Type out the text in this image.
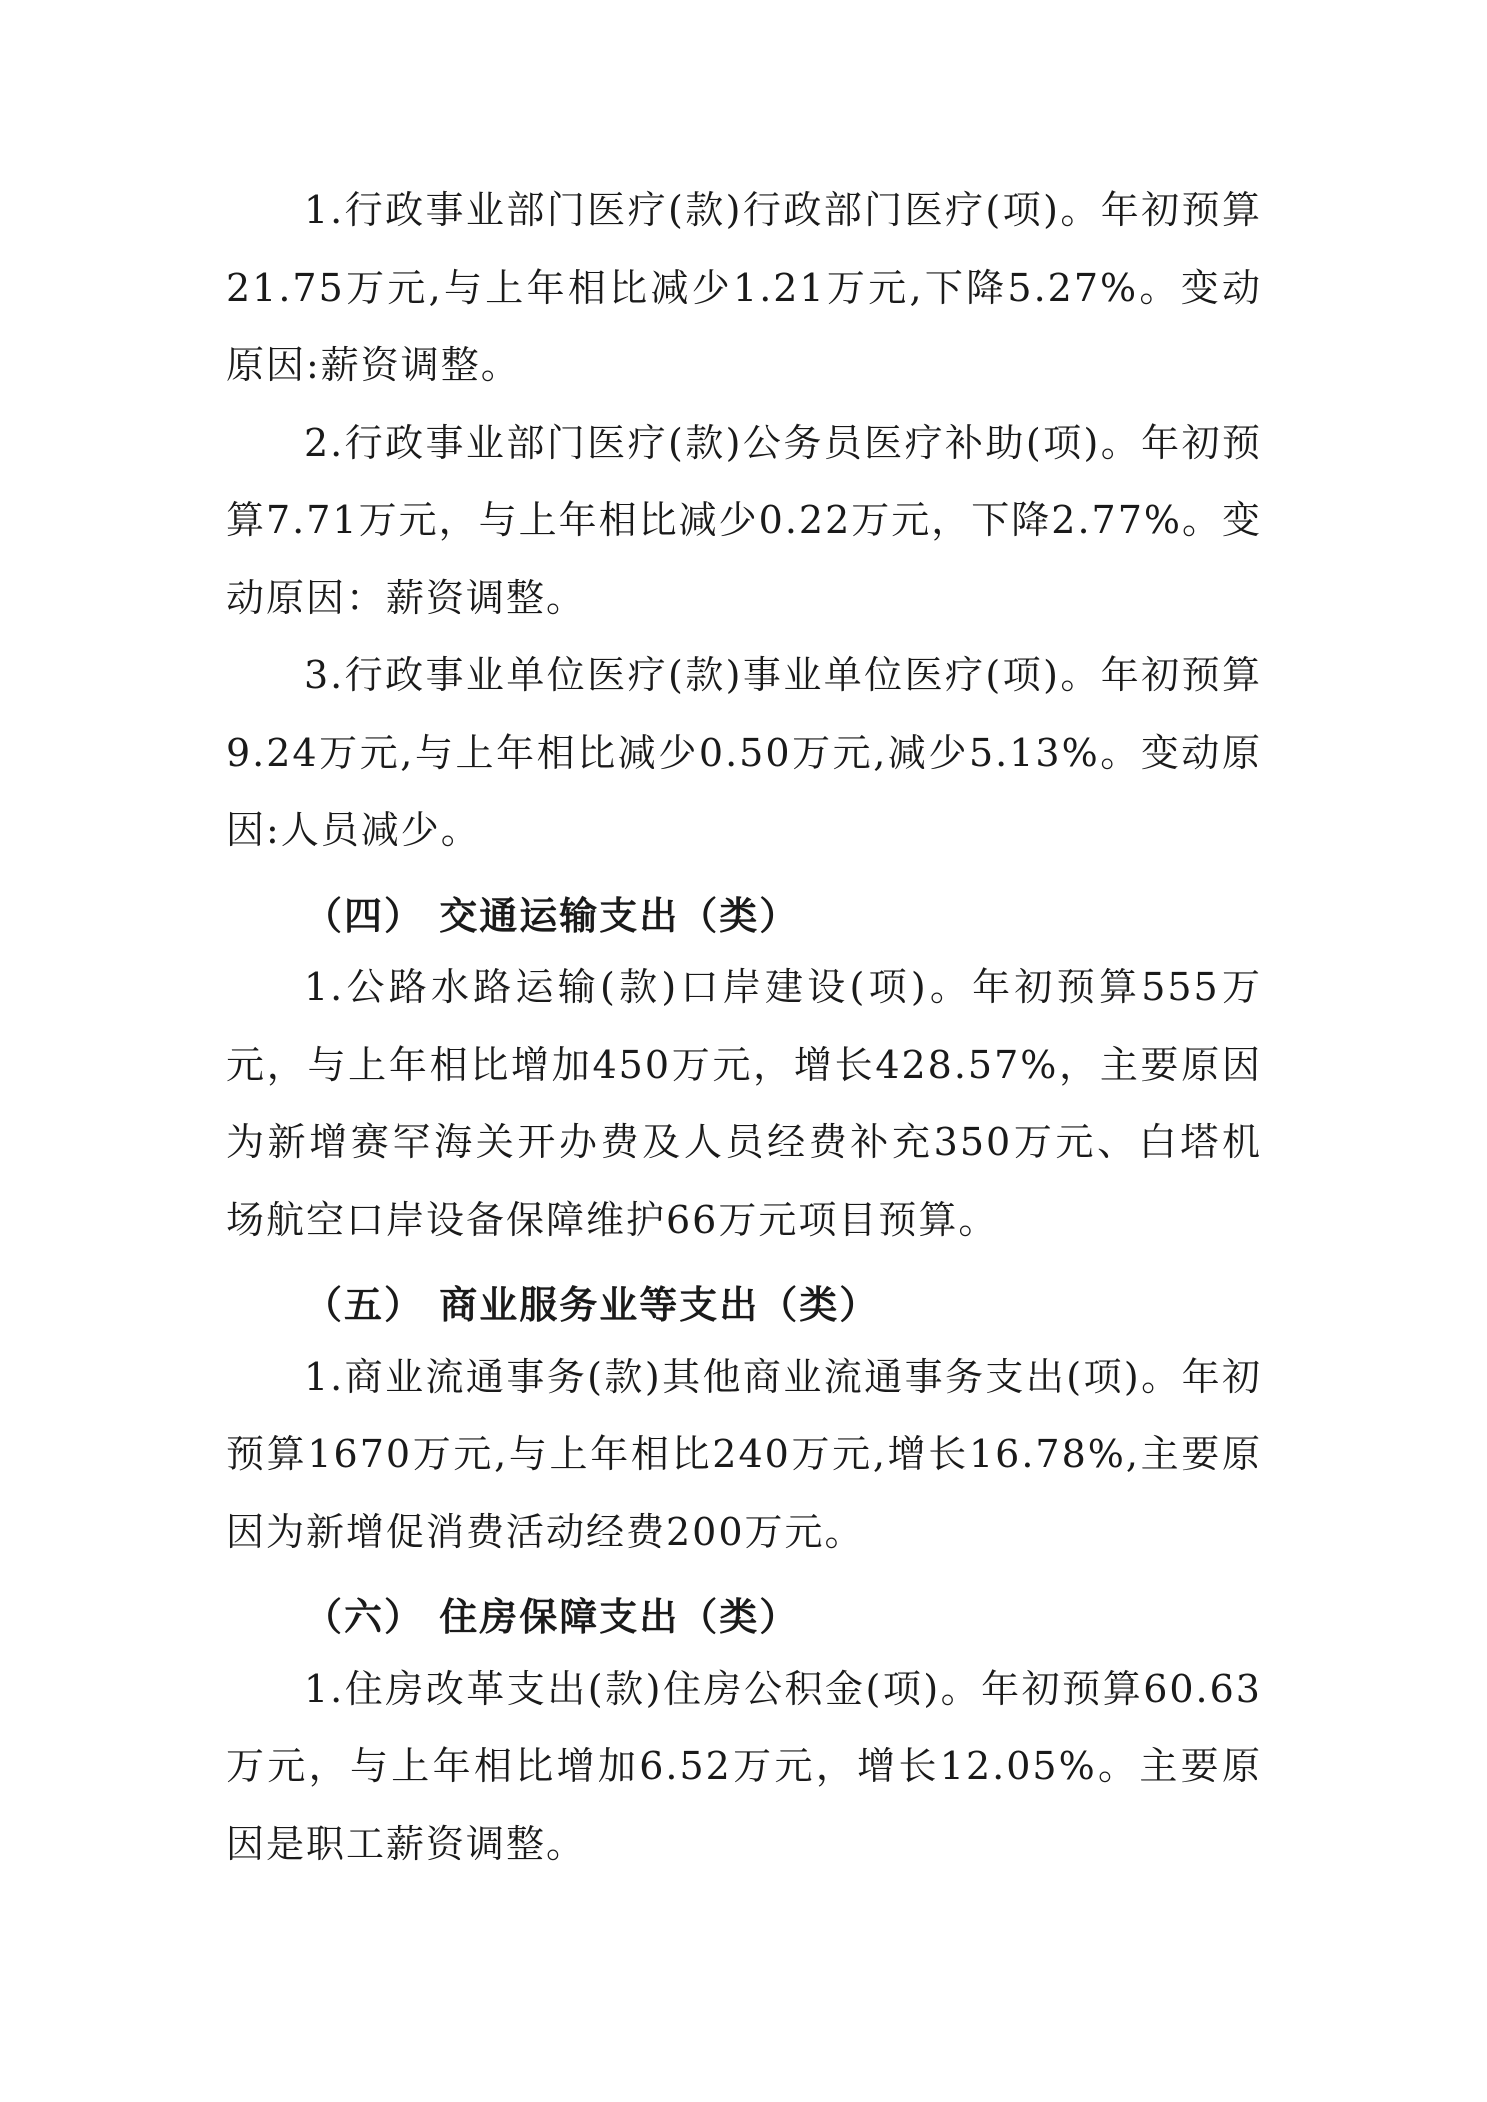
1.行政事业部门医疗(款)行政部门医疗(项)。年初预算21.75万元,与上年相比减少1.21万元,下降5.27%。变动原因:薪资调整。

2.行政事业部门医疗(款)公务员医疗补助(项)。年初预算7.71万元，与上年相比减少0.22万元，下降2.77%。变动原因：薪资调整。

3.行政事业单位医疗(款)事业单位医疗(项)。年初预算9.24万元,与上年相比减少0.50万元,减少5.13%。变动原因:人员减少。

（四） 交通运输支出（类）

1.公路水路运输(款)口岸建设(项)。年初预算555万元，与上年相比增加450万元，增长428.57%，主要原因为新增赛罕海关开办费及人员经费补充350万元、白塔机场航空口岸设备保障维护66万元项目预算。

（五） 商业服务业等支出（类）

1.商业流通事务(款)其他商业流通事务支出(项)。年初预算1670万元,与上年相比240万元,增长16.78%,主要原因为新增促消费活动经费200万元。

（六） 住房保障支出（类）

1.住房改革支出(款)住房公积金(项)。年初预算60.63万元，与上年相比增加6.52万元，增长12.05%。主要原因是职工薪资调整。
